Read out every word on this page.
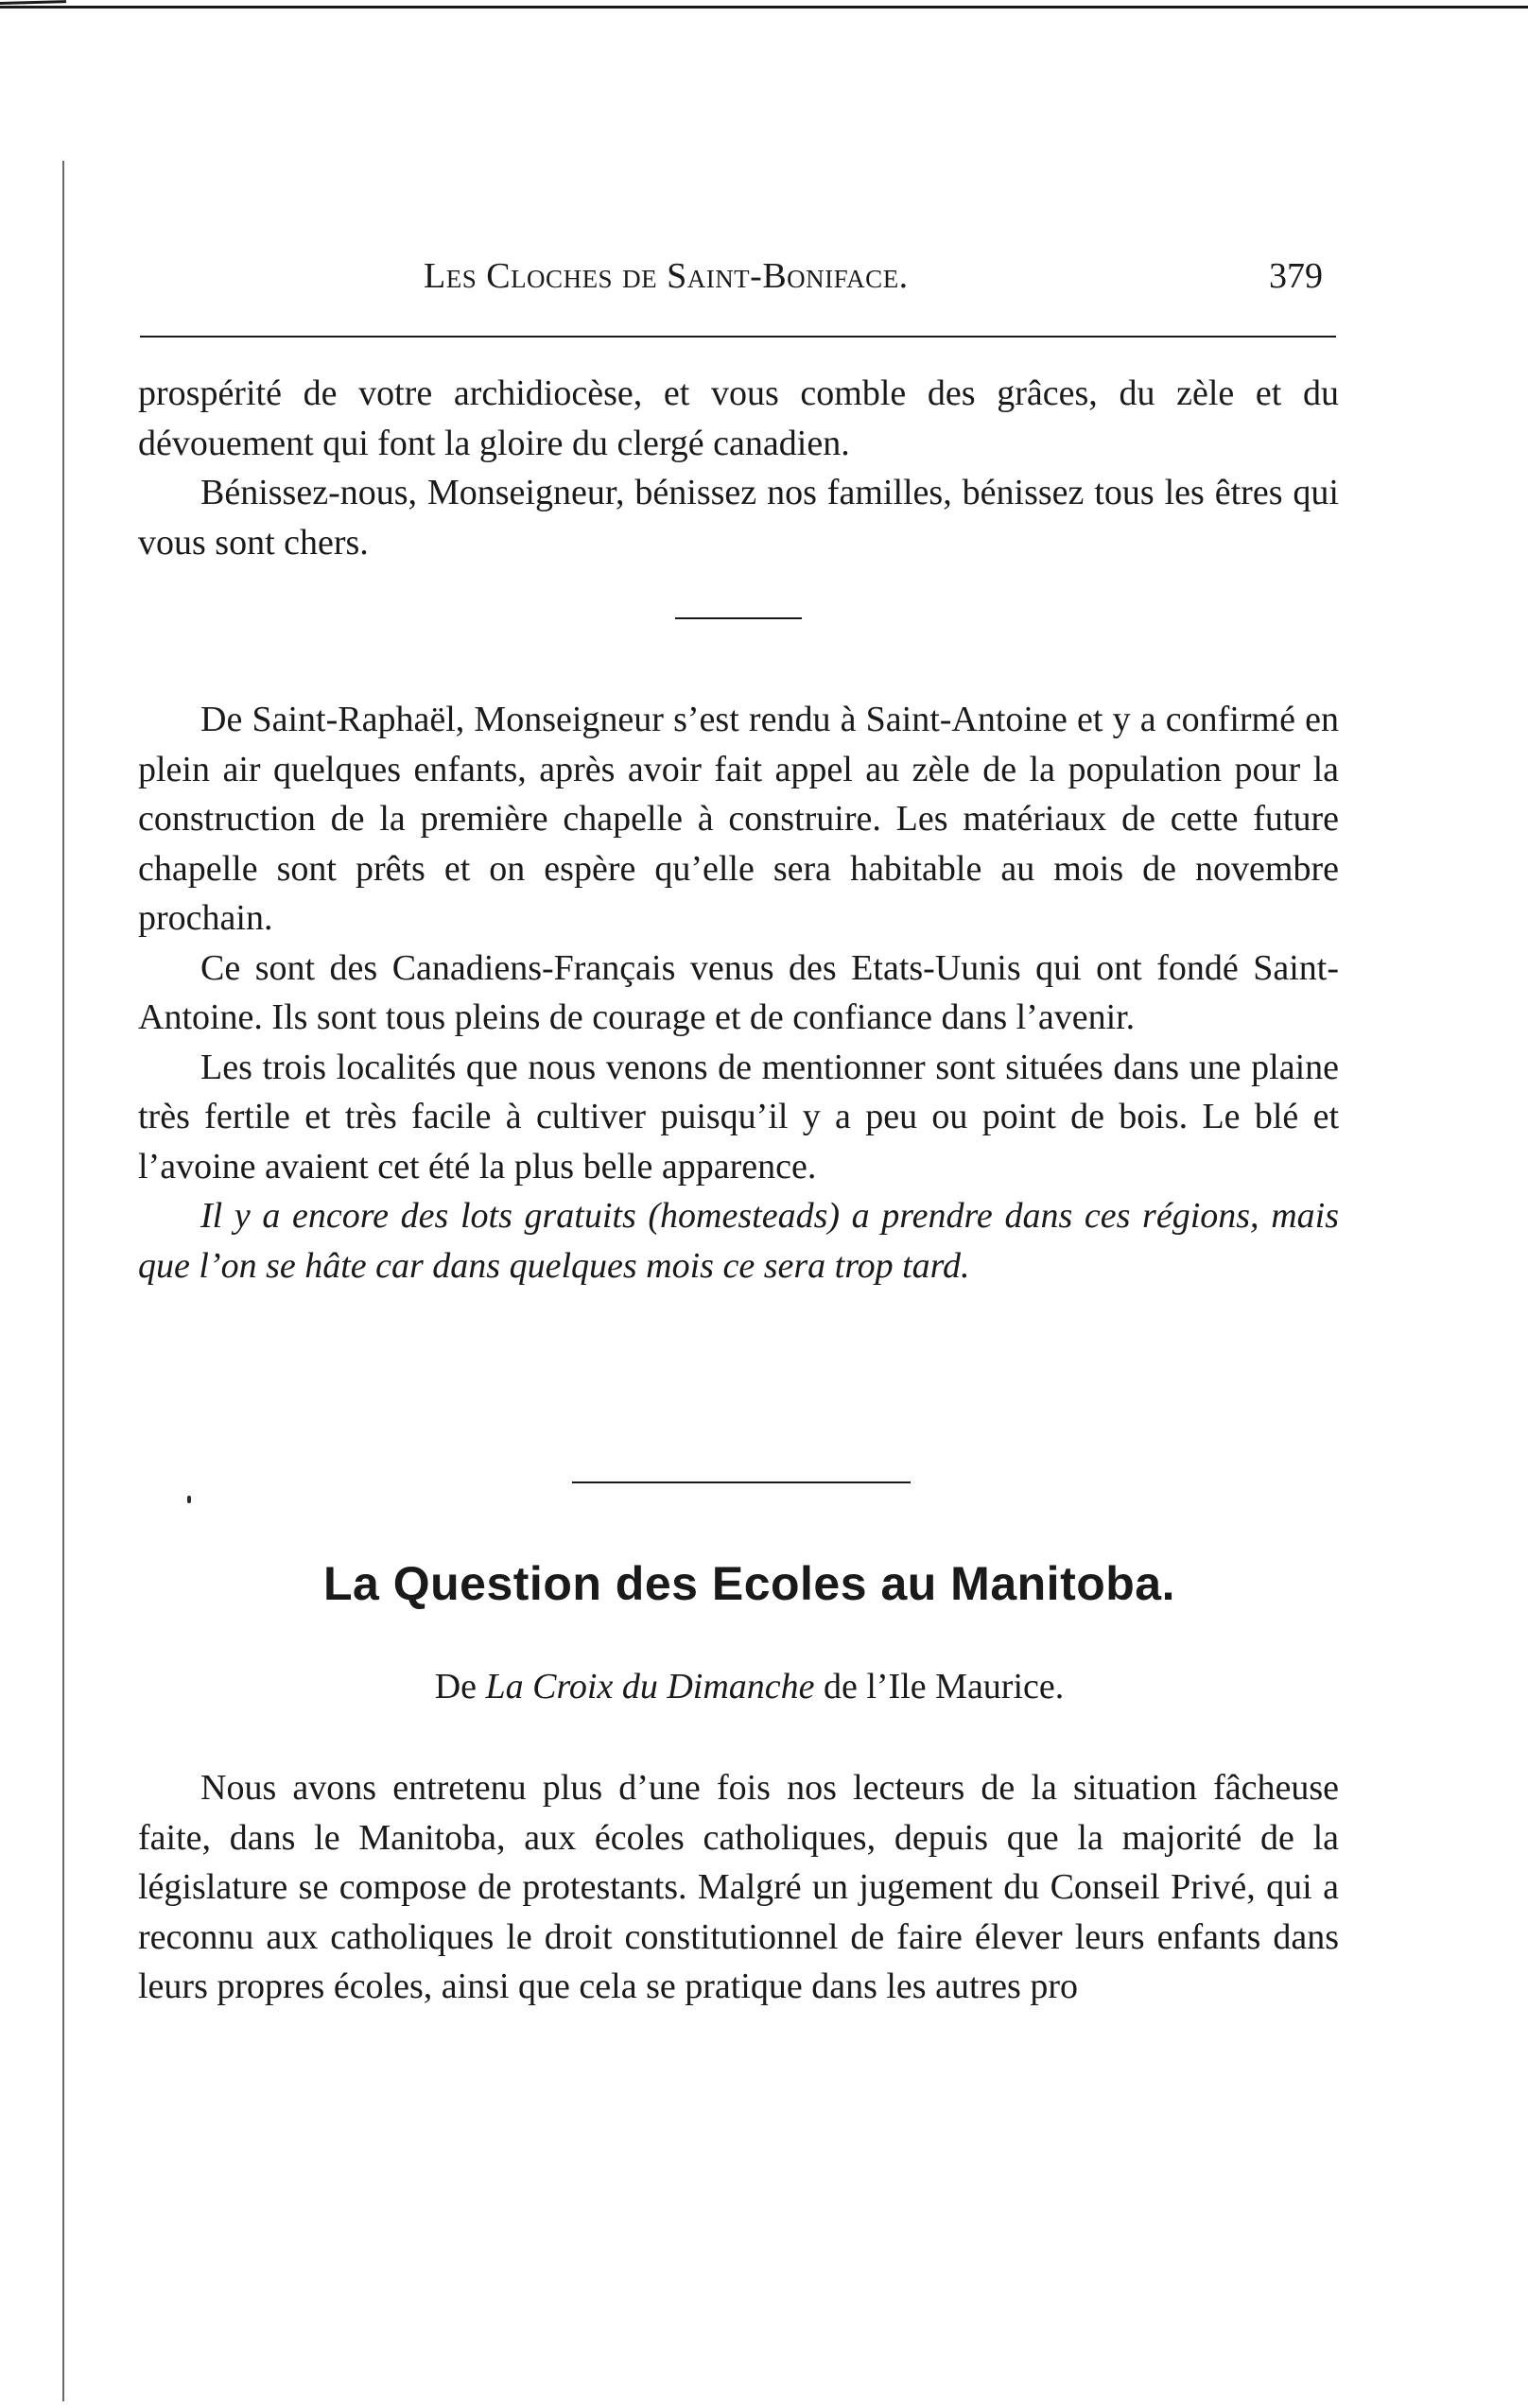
Les Cloches de Saint-Boniface.	379

prospérité de votre archidiocèse, et vous comble des grâces, du zèle et du dévouement qui font la gloire du clergé canadien.

Bénissez-nous, Monseigneur, bénissez nos familles, bénissez tous les êtres qui vous sont chers.

De Saint-Raphaël, Monseigneur s’est rendu à Saint-Antoine et y a confirmé en plein air quelques enfants, après avoir fait appel au zèle de la population pour la construction de la première chapelle à construire. Les matériaux de cette future chapelle sont prêts et on espère qu’elle sera habitable au mois de novembre prochain.

Ce sont des Canadiens-Français venus des Etats-Uunis qui ont fondé Saint-Antoine. Ils sont tous pleins de courage et de confiance dans l’avenir.

Les trois localités que nous venons de mentionner sont situées dans une plaine très fertile et très facile à cultiver puisqu’il y a peu ou point de bois. Le blé et l’avoine avaient cet été la plus belle apparence.

Il y a encore des lots gratuits (homesteads) a prendre dans ces régions, mais que l’on se hâte car dans quelques mois ce sera trop tard.

La Question des Ecoles au Manitoba.
De La Croix du Dimanche de l’Ile Maurice.

Nous avons entretenu plus d’une fois nos lecteurs de la situation fâcheuse faite, dans le Manitoba, aux écoles catholiques, depuis que la majorité de la législature se compose de protestants. Malgré un jugement du Conseil Privé, qui a reconnu aux catholiques le droit constitutionnel de faire élever leurs enfants dans leurs propres écoles, ainsi que cela se pratique dans les autres pro
